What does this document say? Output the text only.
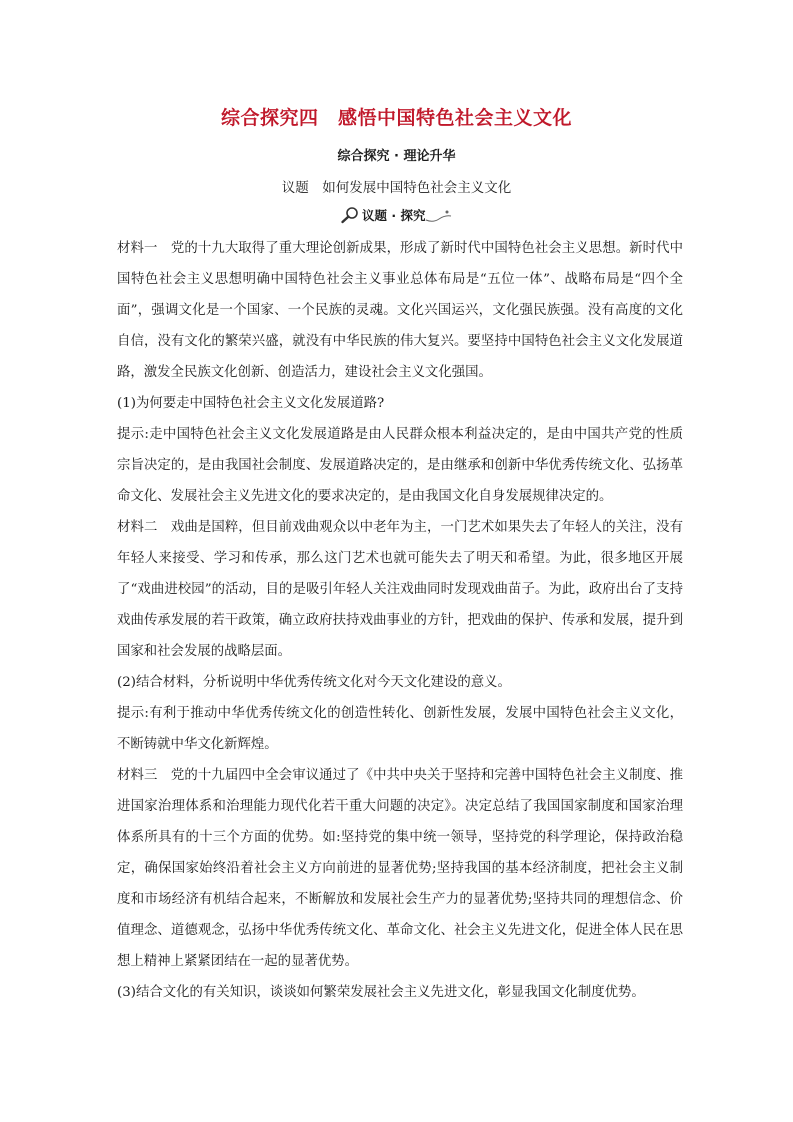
综合探究四　感悟中国特色社会主义文化
综合探究 · 理论升华
议题　如何发展中国特色社会主义文化
议题 · 探究

材料一　党的十九大取得了重大理论创新成果，形成了新时代中国特色社会主义思想。新时代中国特色社会主义思想明确中国特色社会主义事业总体布局是“五位一体”、战略布局是“四个全面”，强调文化是一个国家、一个民族的灵魂。文化兴国运兴，文化强民族强。没有高度的文化自信，没有文化的繁荣兴盛，就没有中华民族的伟大复兴。要坚持中国特色社会主义文化发展道路，激发全民族文化创新、创造活力，建设社会主义文化强国。

(1)为何要走中国特色社会主义文化发展道路?

提示:走中国特色社会主义文化发展道路是由人民群众根本利益决定的，是由中国共产党的性质宗旨决定的，是由我国社会制度、发展道路决定的，是由继承和创新中华优秀传统文化、弘扬革命文化、发展社会主义先进文化的要求决定的，是由我国文化自身发展规律决定的。

材料二　戏曲是国粹，但目前戏曲观众以中老年为主，一门艺术如果失去了年轻人的关注，没有年轻人来接受、学习和传承，那么这门艺术也就可能失去了明天和希望。为此，很多地区开展了“戏曲进校园”的活动，目的是吸引年轻人关注戏曲同时发现戏曲苗子。为此，政府出台了支持戏曲传承发展的若干政策，确立政府扶持戏曲事业的方针，把戏曲的保护、传承和发展，提升到国家和社会发展的战略层面。

(2)结合材料，分析说明中华优秀传统文化对今天文化建设的意义。

提示:有利于推动中华优秀传统文化的创造性转化、创新性发展，发展中国特色社会主义文化，不断铸就中华文化新辉煌。

材料三　党的十九届四中全会审议通过了《中共中央关于坚持和完善中国特色社会主义制度、推进国家治理体系和治理能力现代化若干重大问题的决定》。决定总结了我国国家制度和国家治理体系所具有的十三个方面的优势。如:坚持党的集中统一领导，坚持党的科学理论，保持政治稳定，确保国家始终沿着社会主义方向前进的显著优势;坚持我国的基本经济制度，把社会主义制度和市场经济有机结合起来，不断解放和发展社会生产力的显著优势;坚持共同的理想信念、价值理念、道德观念，弘扬中华优秀传统文化、革命文化、社会主义先进文化，促进全体人民在思想上精神上紧紧团结在一起的显著优势。

(3)结合文化的有关知识，谈谈如何繁荣发展社会主义先进文化，彰显我国文化制度优势。
